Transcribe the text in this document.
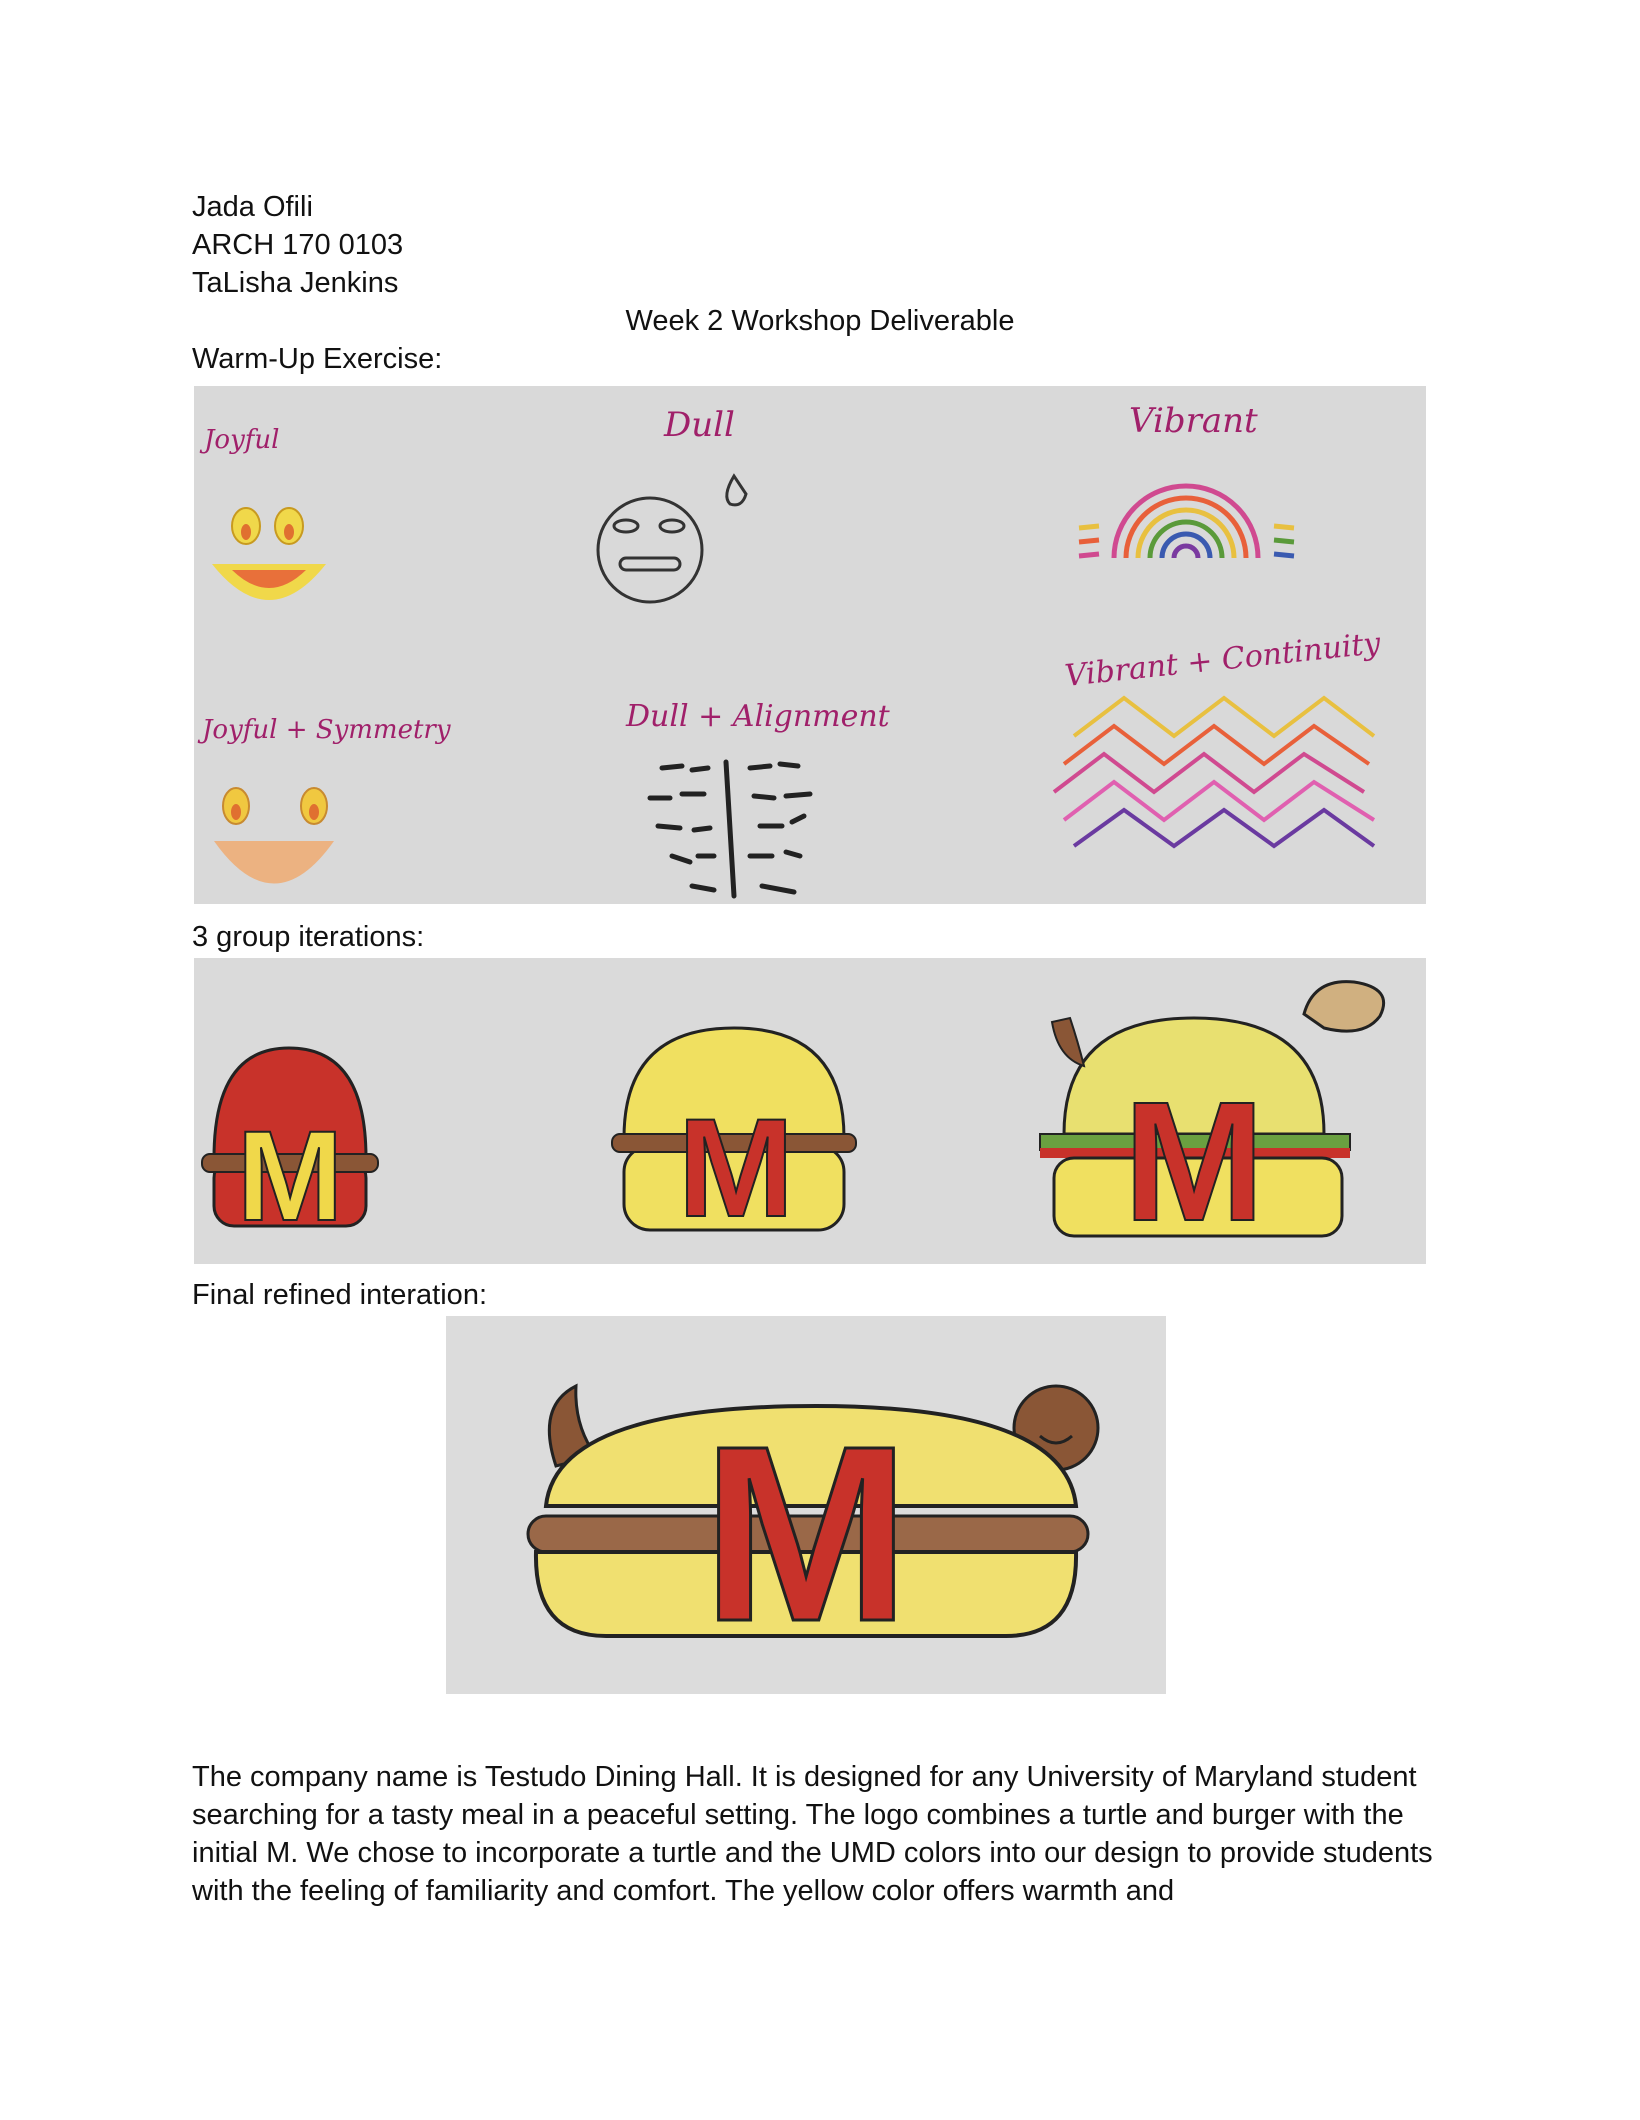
Jada Ofili
ARCH 170 0103
TaLisha Jenkins
Week 2 Workshop Deliverable
Warm-Up Exercise:
Joyful	Dull	Vibrant
Joyful + Symmetry	Dull + Alignment
Vibrant + Continuity
3 group iterations:
M M M
Final refined interation:
M
The company name is Testudo Dining Hall. It is designed for any University of Maryland student searching for a tasty meal in a peaceful setting. The logo combines a turtle and burger with the initial M. We chose to incorporate a turtle and the UMD colors into our design to provide students with the feeling of familiarity and comfort. The yellow color offers warmth and
